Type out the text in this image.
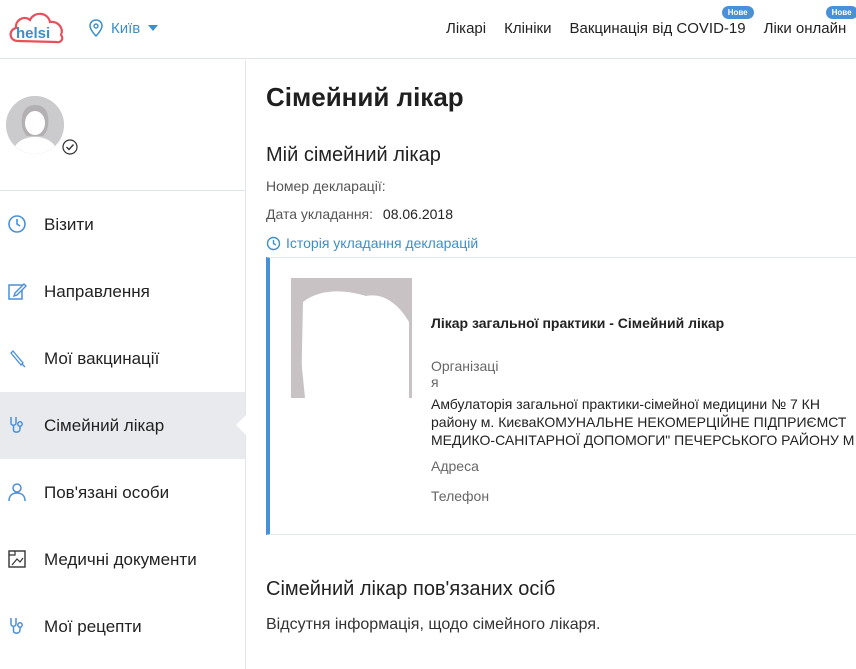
helsi	Київ	Лікарі Клініки Вакцинація від COVID-19
Нове
Ліки онлайн
Нове
Візити
Направлення
Мої вакцинації
Сімейний лікар
Пов'язані особи
Медичні документи
Мої рецепти
Сімейний лікар
Мій сімейний лікар
Номер декларації:
Дата укладання: 08.06.2018
Історія укладання декларацій
Лікар загальної практики - Сімейний лікар
Організаці
я
Амбулаторія загальної практики-сімейної медицини № 7 КН
району м. КиєваКОМУНАЛЬНЕ НЕКОМЕРЦІЙНЕ ПІДПРИЄМСТ
МЕДИКО-САНІТАРНОЇ ДОПОМОГИ" ПЕЧЕРСЬКОГО РАЙОНУ М
Адреса
Телефон
Сімейний лікар пов'язаних осіб
Відсутня інформація, щодо сімейного лікаря.
